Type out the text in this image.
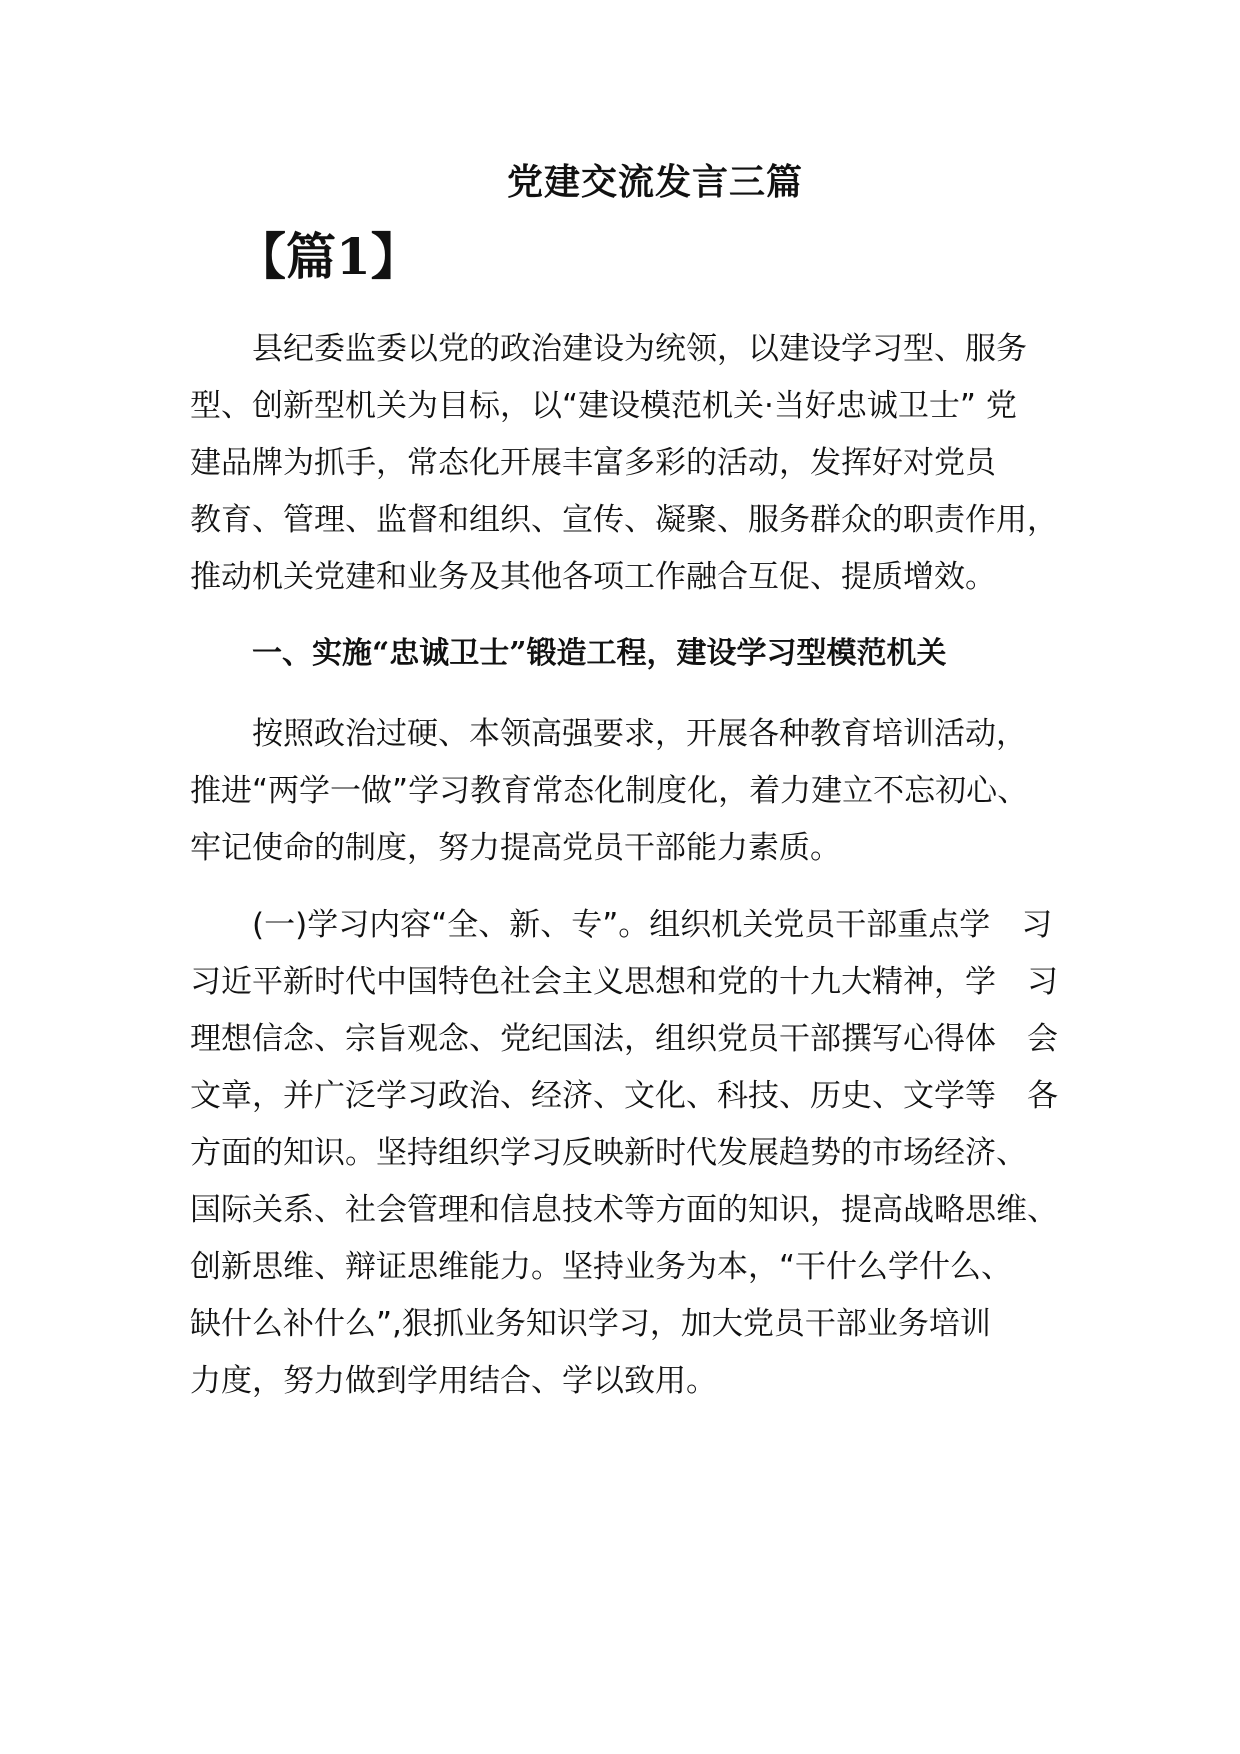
党建交流发言三篇
【篇1】
县纪委监委以党的政治建设为统领，以建设学习型、服务
型、创新型机关为目标，以“建设模范机关·当好忠诚卫士” 党
建品牌为抓手，常态化开展丰富多彩的活动，发挥好对党员
教育、管理、监督和组织、宣传、凝聚、服务群众的职责作用，
推动机关党建和业务及其他各项工作融合互促、提质增效。
一、实施“忠诚卫士”锻造工程，建设学习型模范机关
按照政治过硬、本领高强要求，开展各种教育培训活动，
推进“两学一做”学习教育常态化制度化，着力建立不忘初心、
牢记使命的制度，努力提高党员干部能力素质。
(一)学习内容“全、新、专”。组织机关党员干部重点学　习
习近平新时代中国特色社会主义思想和党的十九大精神，学　习
理想信念、宗旨观念、党纪国法，组织党员干部撰写心得体　会
文章，并广泛学习政治、经济、文化、科技、历史、文学等　各
方面的知识。坚持组织学习反映新时代发展趋势的市场经济、
国际关系、社会管理和信息技术等方面的知识，提高战略思维、
创新思维、辩证思维能力。坚持业务为本，“干什么学什么、
缺什么补什么”,狠抓业务知识学习，加大党员干部业务培训
力度，努力做到学用结合、学以致用。
